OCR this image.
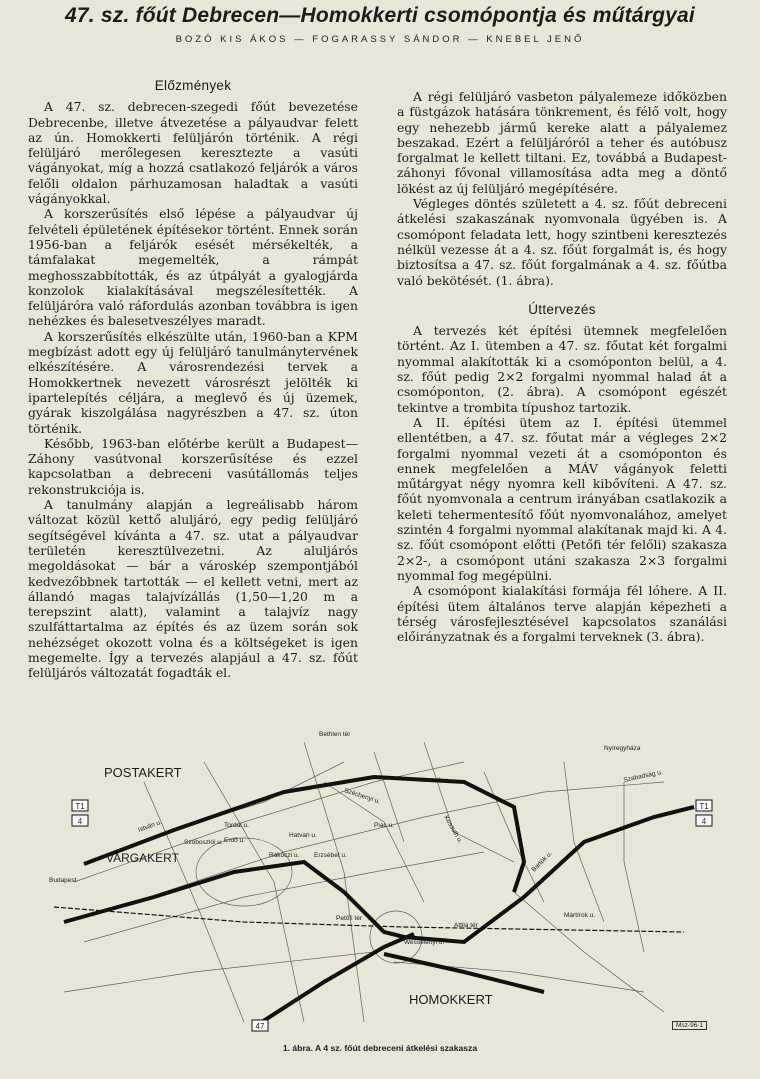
47. sz. főút Debrecen—Homokkerti csomópontja és műtárgyai
BOZÓ KIS ÁKOS — FOGARASSY SÁNDOR — KNEBEL JENŐ
Előzmények

A 47. sz. debrecen-szegedi főút bevezetése Debrecenbe, illetve átvezetése a pályaudvar felett az ún. Homokkerti felüljárón történik. A régi felüljáró merőlegesen keresztezte a vasúti vágányokat, míg a hozzá csatlakozó feljárók a város felőli oldalon párhuzamosan haladtak a vasúti vágányokkal.

A korszerűsítés első lépése a pályaudvar új felvételi épületének építésekor történt. Ennek során 1956-ban a feljárók esését mérsékelték, a támfalakat megemelték, a rámpát meghosszabbították, és az útpályát a gyalogjárda konzolok kialakításával megszélesítették. A felüljáróra való ráfordulás azonban továbbra is igen nehézkes és balesetveszélyes maradt.

A korszerűsítés elkészülte után, 1960-ban a KPM megbízást adott egy új felüljáró tanulmánytervének elkészítésére. A városrendezési tervek a Homokkertnek nevezett városrészt jelölték ki ipartelepítés céljára, a meglevő és új üzemek, gyárak kiszolgálása nagyrészben a 47. sz. úton történik.

Később, 1963-ban előtérbe került a Budapest—Záhony vasútvonal korszerűsítése és ezzel kapcsolatban a debreceni vasútállomás teljes rekonstrukciója is.

A tanulmány alapján a legreálisabb három változat közül kettő aluljáró, egy pedig felüljáró segítségével kívánta a 47. sz. utat a pályaudvar területén keresztülvezetni. Az aluljárós megoldásokat — bár a városkép szempontjából kedvezőbbnek tartották — el kellett vetni, mert az állandó magas talajvízállás (1,50—1,20 m a terepszint alatt), valamint a talajvíz nagy szulfáttartalma az építés és az üzem során sok nehézséget okozott volna és a költségeket is igen megemelte. Így a tervezés alapjául a 47. sz. főút felüljárós változatát fogadták el.

A régi felüljáró vasbeton pályalemeze időközben a füstgázok hatására tönkrement, és félő volt, hogy egy nehezebb jármű kereke alatt a pályalemez beszakad. Ezért a felüljáróról a teher és autóbusz forgalmat le kellett tiltani. Ez, továbbá a Budapest-záhonyi fővonal villamosítása adta meg a döntő lökést az új felüljáró megépítésére.

Végleges döntés született a 4. sz. főút debreceni átkelési szakaszának nyomvonala ügyében is. A csomópont feladata lett, hogy szintbeni keresztezés nélkül vezesse át a 4. sz. főút forgalmát is, és hogy biztosítsa a 47. sz. főút forgalmának a 4. sz. főútba való bekötését. (1. ábra).

Úttervezés

A tervezés két építési ütemnek megfelelően történt. Az I. ütemben a 47. sz. főutat két forgalmi nyommal alakították ki a csomóponton belül, a 4. sz. főút pedig 2×2 forgalmi nyommal halad át a csomóponton, (2. ábra). A csomópont egészét tekintve a trombita típushoz tartozik.

A II. építési ütem az I. építési ütemmel ellentétben, a 47. sz. főutat már a végleges 2×2 forgalmi nyommal vezeti át a csomóponton és ennek megfelelően a MÁV vágányok feletti műtárgyat négy nyomra kell kibővíteni. A 47. sz. főút nyomvonala a centrum irányában csatlakozik a keleti tehermentesítő főút nyomvonalához, amelyet szintén 4 forgalmi nyommal alakítanak majd ki. A 4. sz. főút csomópont előtti (Petőfi tér felőli) szakasza 2×2-, a csomópont utáni szakasza 2×3 forgalmi nyommal fog megépülni.

A csomópont kialakítási formája fél lóhere. A II. építési ütem általános terve alapján képezheti a térség városfejlesztésével kapcsolatos szanálási előirányzatnak és a forgalmi terveknek (3. ábra).

POSTAKERT
VARGAKERT
HOMOKKERT
Bethlen tér
Széchenyi u.
Kossuth u.
Nyíregyháza
Szabadság u.
István u.
Erdő u.
Rákóczi u.
Szoboszlói u.
Tordai u.
Hatvan u.
Erzsébet u.
Kossuth u.
Piac u.
Petőfi tér
Attila tér
Wesselényi u.
Budapest
Bartók u.
Mártírok u.
T1
4
T1
4
47	Msz-96-1
1. ábra. A 4 sz. főút debreceni átkelési szakasza
